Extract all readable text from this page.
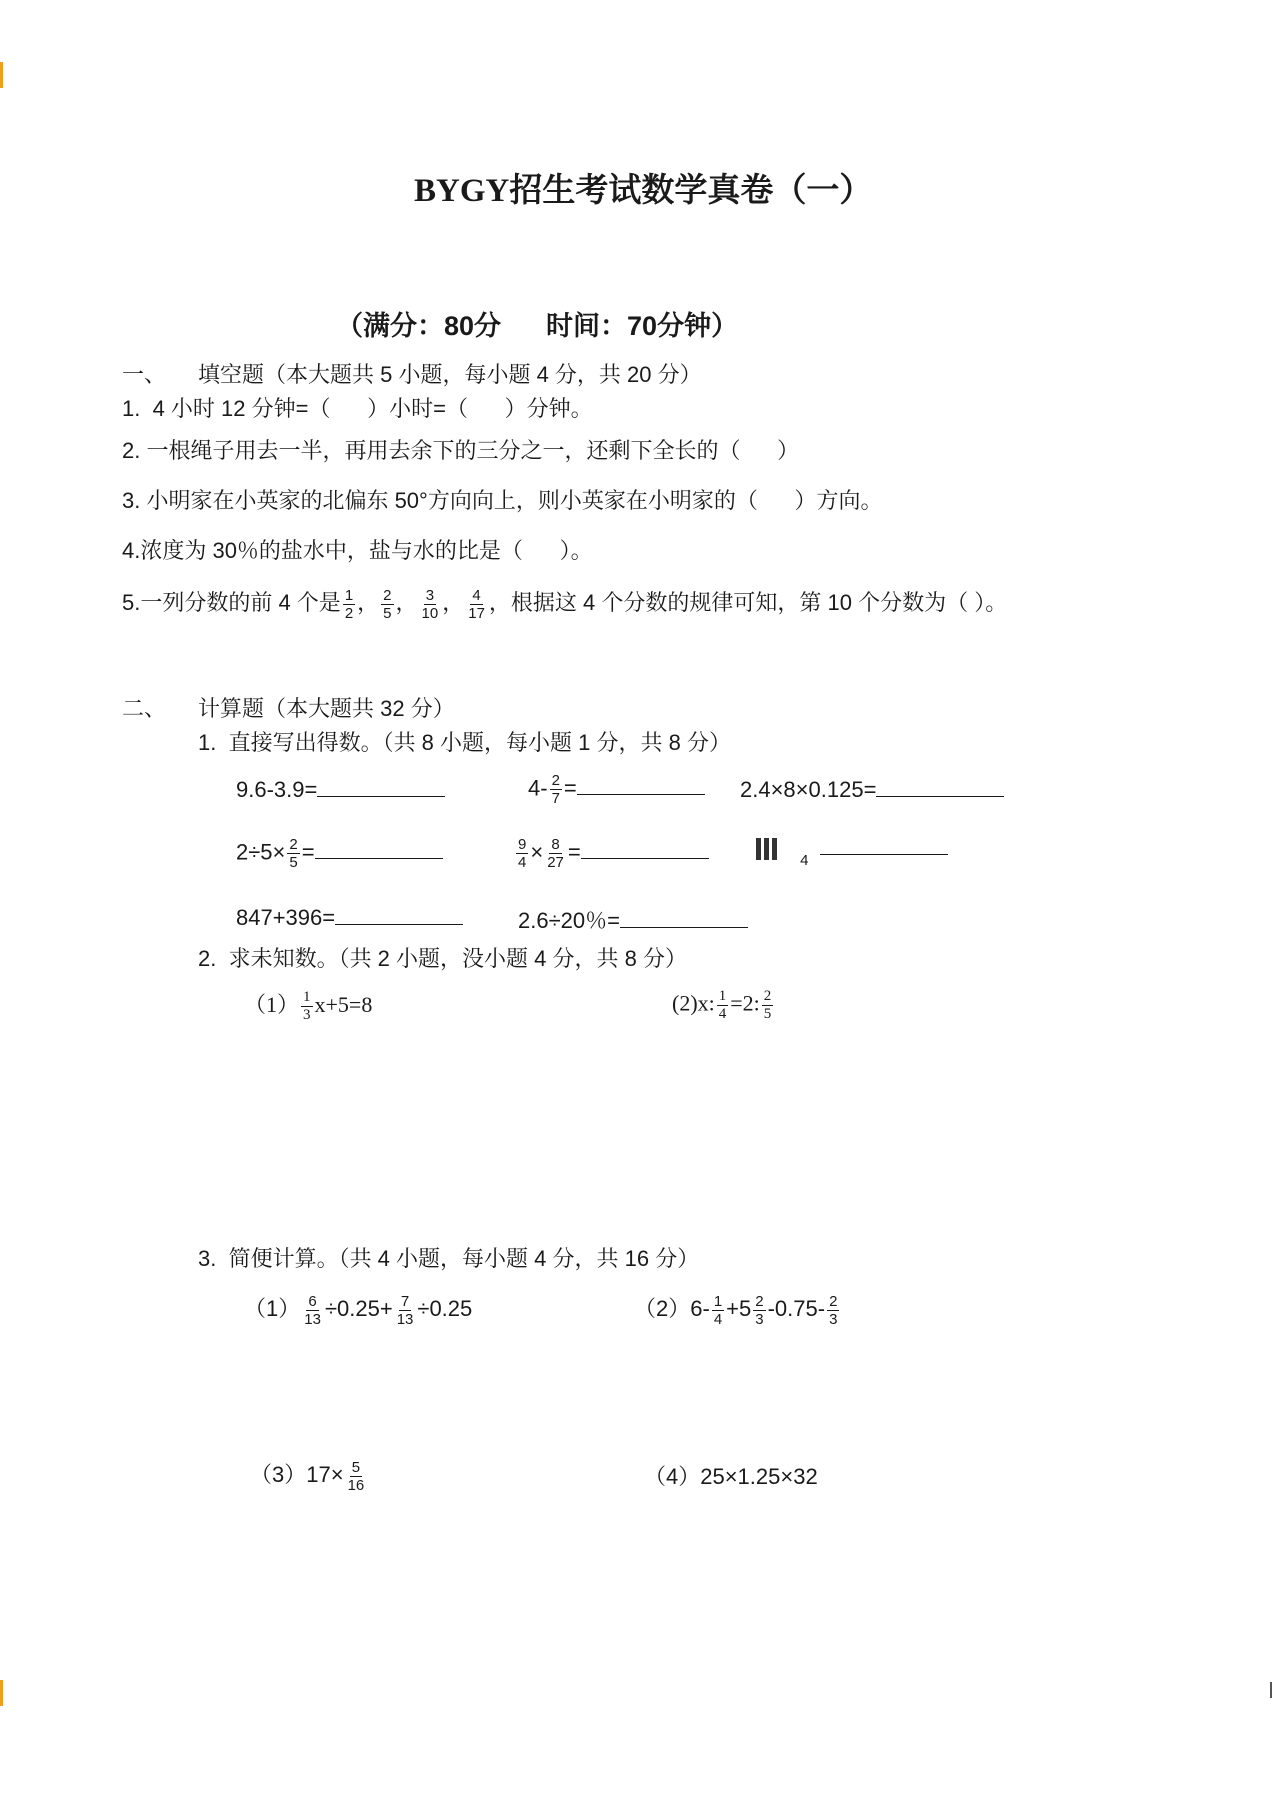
BYGY招生考试数学真卷（一）
（满分：80分      时间：70分钟）
一、 填空题（本大题共 5 小题，每小题 4 分，共 20 分）
1.  4 小时 12 分钟=（      ）小时=（      ）分钟。
2. 一根绳子用去一半，再用去余下的三分之一，还剩下全长的（      ）
3. 小明家在小英家的北偏东 50°方向向上，则小英家在小明家的（      ）方向。
4.浓度为 30％的盐水中，盐与水的比是（      ）。
5.一列分数的前 4 个是 $\frac{1}{2}$ ， $\frac{2}{5}$ ， $\frac{3}{10}$ ， $\frac{4}{17}$ ，根据这 4 个分数的规律可知，第 10 个分数为（ ）。
二、 计算题（本大题共 32 分）
1.  直接写出得数。（共 8 小题，每小题 1 分，共 8 分）
9.6-3.9=	$4- \frac{2}{7}$ =	2.4×8×0.125=
$2\div 5\times \frac{2}{5}$ =	$\frac{9}{4} \times \frac{8}{27}$ =	$_4$
847+396=	2.6÷20％=
2.  求未知数。（共 2 小题，没小题 4 分，共 8 分）
$(1) \frac{1}{3} x+5=8$	(2)x: $\frac{1}{4} =2$: $\frac{2}{5}$
3.  简便计算。（共 4 小题，每小题 4 分，共 16 分）
$(1) \frac{6}{13} \div 0.25+ \frac{7}{13} \div 0.25$	$(2)6- \frac{1}{4} +5 \frac{2}{3} -0.75- \frac{2}{3}$
$(3)17\times \frac{5}{16}$	（4）25×1.25×32
